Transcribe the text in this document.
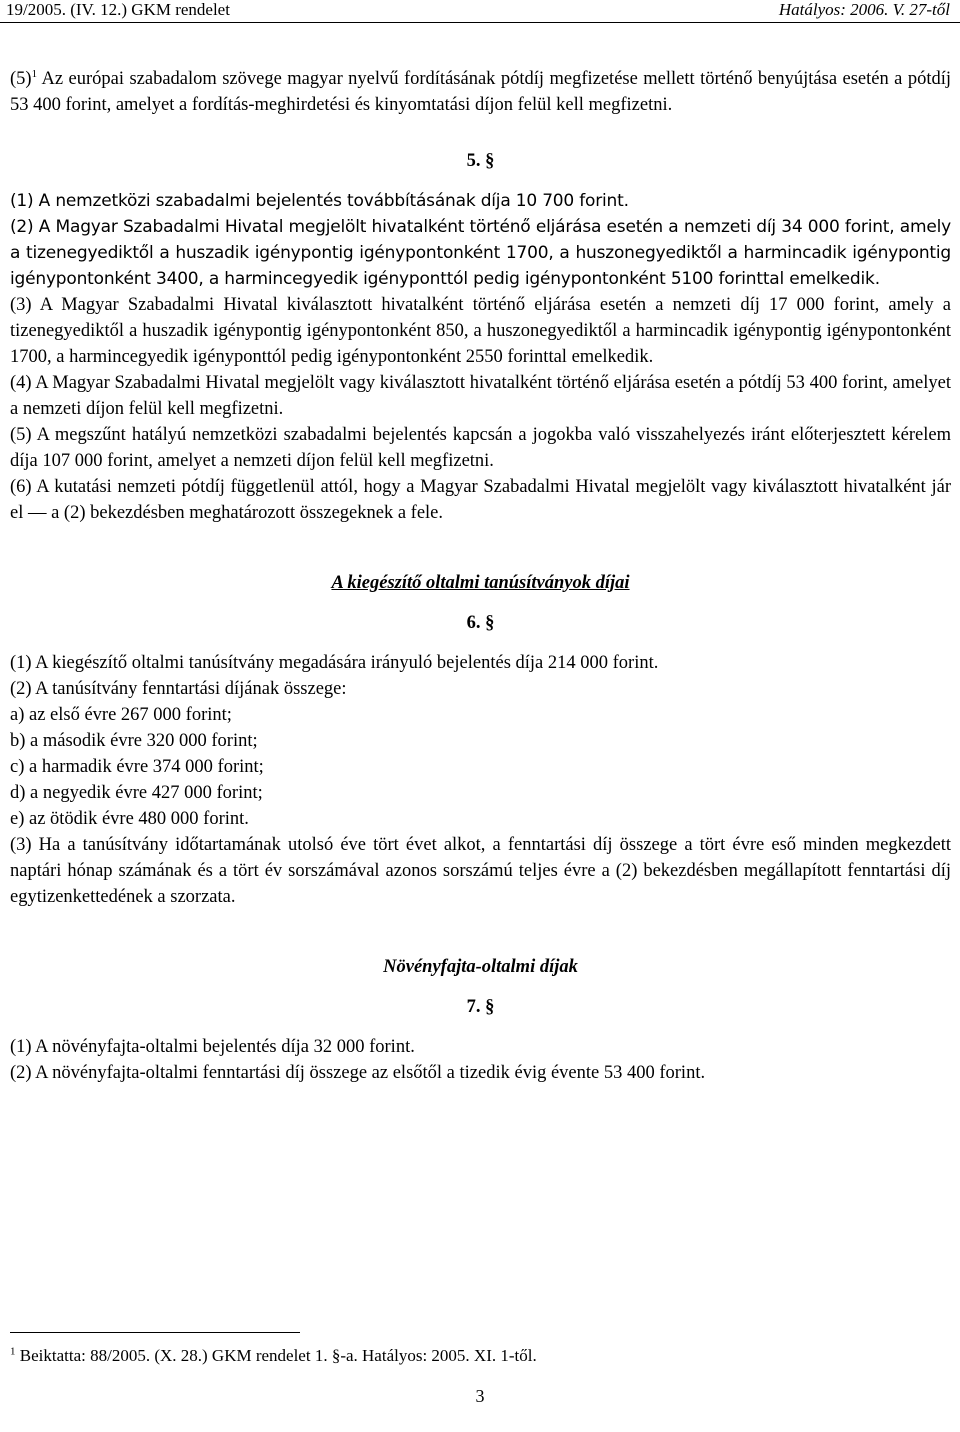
19/2005. (IV. 12.) GKM rendelet	Hatályos: 2006. V. 27-től

$(5)^1$ Az európai szabadalom szövege magyar nyelvű fordításának pótdíj megfizetése mellett történő benyújtása esetén a pótdíj 53 400 forint, amelyet a fordítás-meghirdetési és kinyomtatási díjon felül kell megfizetni.

5. §

(1) A nemzetközi szabadalmi bejelentés továbbításának díja 10 700 forint.

(2) A Magyar Szabadalmi Hivatal megjelölt hivatalként történő eljárása esetén a nemzeti díj 34 000 forint, amely a tizenegyediktől a huszadik igénypontig igénypontonként 1700, a huszonegyediktől a harmincadik igénypontig igénypontonként 3400, a harmincegyedik igényponttól pedig igénypontonként 5100 forinttal emelkedik.

(3) A Magyar Szabadalmi Hivatal kiválasztott hivatalként történő eljárása esetén a nemzeti díj 17 000 forint, amely a tizenegyediktől a huszadik igénypontig igénypontonként 850, a huszonegyediktől a harmincadik igénypontig igénypontonként 1700, a harmincegyedik igényponttól pedig igénypontonként 2550 forinttal emelkedik.

(4) A Magyar Szabadalmi Hivatal megjelölt vagy kiválasztott hivatalként történő eljárása esetén a pótdíj 53 400 forint, amelyet a nemzeti díjon felül kell megfizetni.

(5) A megszűnt hatályú nemzetközi szabadalmi bejelentés kapcsán a jogokba való visszahelyezés iránt előterjesztett kérelem díja 107 000 forint, amelyet a nemzeti díjon felül kell megfizetni.

(6) A kutatási nemzeti pótdíj függetlenül attól, hogy a Magyar Szabadalmi Hivatal megjelölt vagy kiválasztott hivatalként jár el — a (2) bekezdésben meghatározott összegeknek a fele.

A kiegészítő oltalmi tanúsítványok díjai

6. §

(1) A kiegészítő oltalmi tanúsítvány megadására irányuló bejelentés díja 214 000 forint.

(2) A tanúsítvány fenntartási díjának összege:

a) az első évre 267 000 forint;

b) a második évre 320 000 forint;

c) a harmadik évre 374 000 forint;

d) a negyedik évre 427 000 forint;

e) az ötödik évre 480 000 forint.

(3) Ha a tanúsítvány időtartamának utolsó éve tört évet alkot, a fenntartási díj összege a tört évre eső minden megkezdett naptári hónap számának és a tört év sorszámával azonos sorszámú teljes évre a (2) bekezdésben megállapított fenntartási díj egytizenkettedének a szorzata.

Növényfajta-oltalmi díjak

7. §

(1) A növényfajta-oltalmi bejelentés díja 32 000 forint.

(2) A növényfajta-oltalmi fenntartási díj összege az elsőtől a tizedik évig évente 53 400 forint.

$^1$ Beiktatta: 88/2005. (X. 28.) GKM rendelet 1. §-a. Hatályos: 2005. XI. 1-től.
3
